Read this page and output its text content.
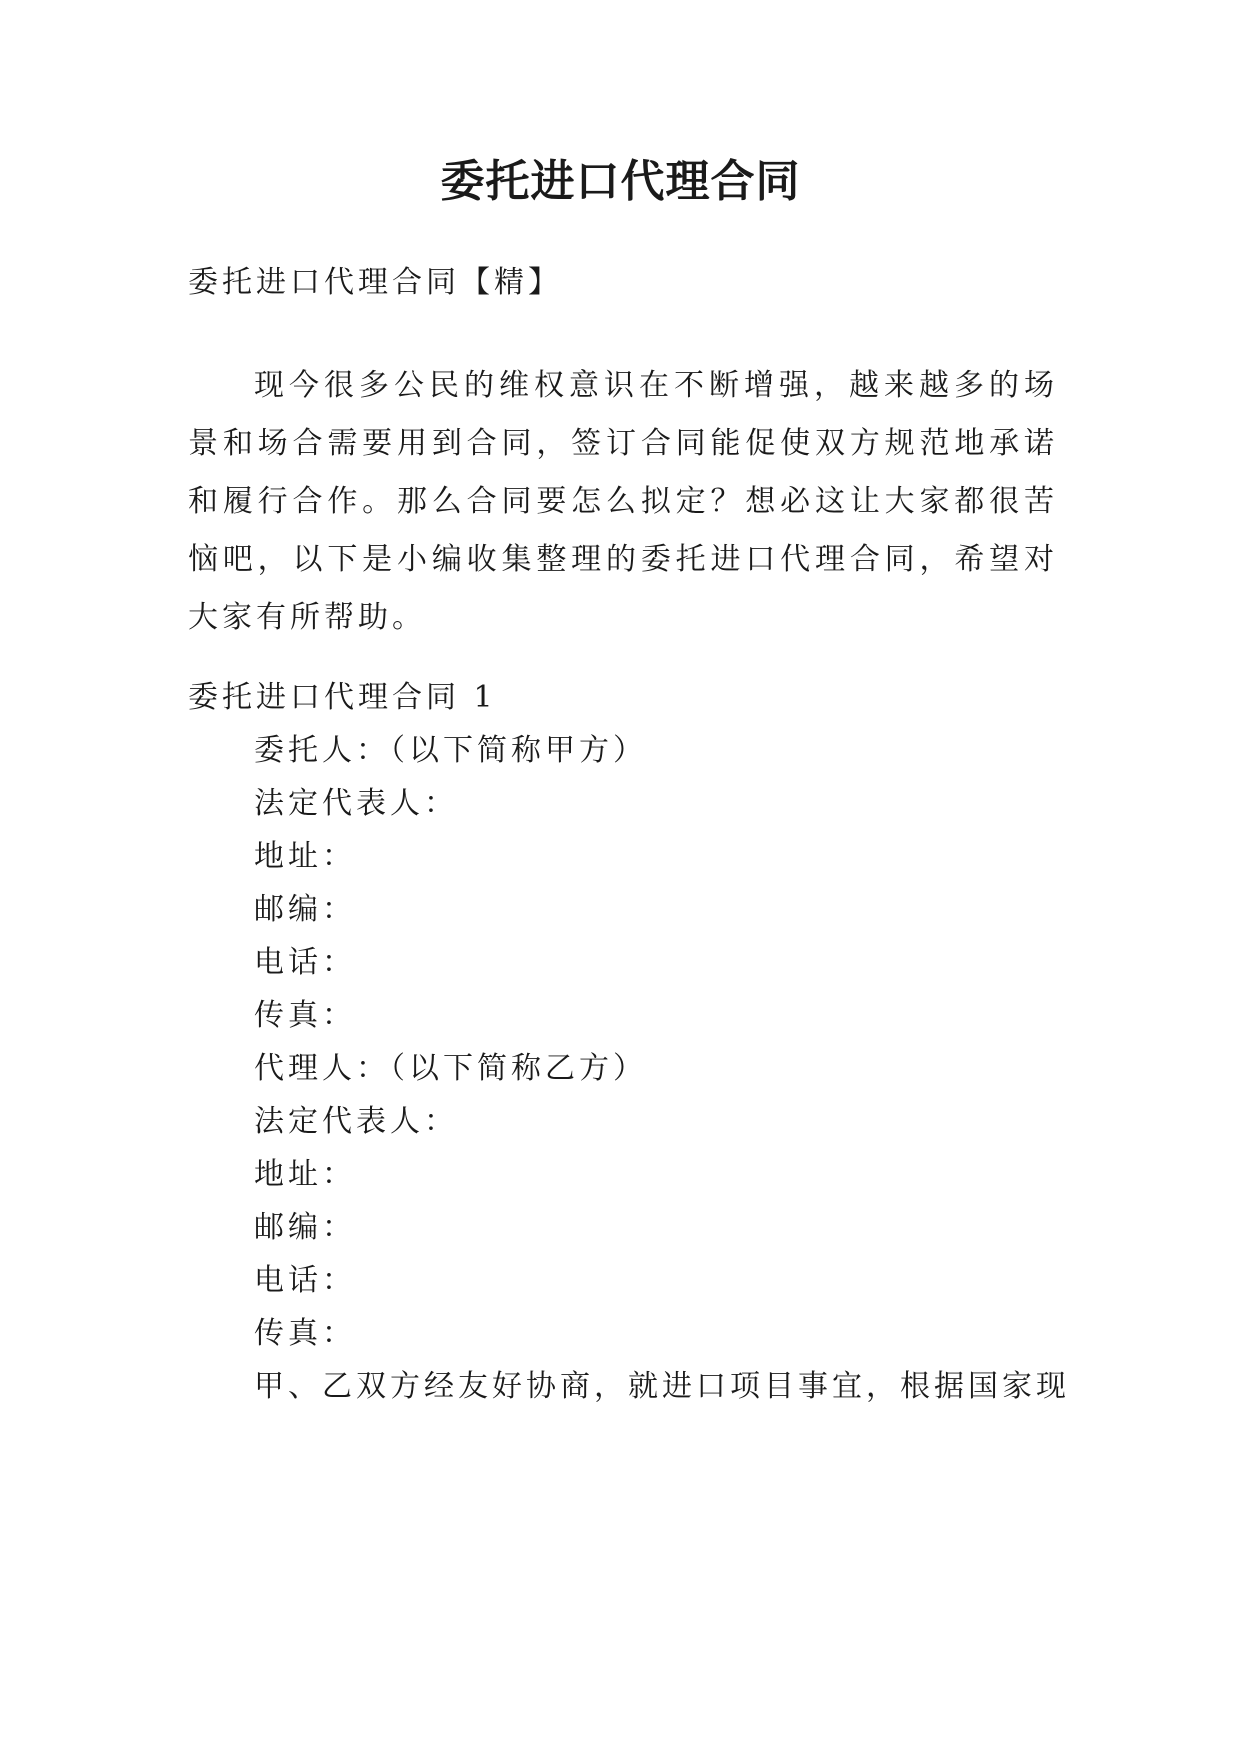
委托进口代理合同

委托进口代理合同【精】

现今很多公民的维权意识在不断增强，越来越多的场景和场合需要用到合同，签订合同能促使双方规范地承诺和履行合作。那么合同要怎么拟定？想必这让大家都很苦恼吧，以下是小编收集整理的委托进口代理合同，希望对大家有所帮助。

委托进口代理合同 1

委托人：（以下简称甲方）

法定代表人：

地址：

邮编：

电话：

传真：

代理人：（以下简称乙方）

法定代表人：

地址：

邮编：

电话：

传真：

甲、乙双方经友好协商，就进口项目事宜，根据国家现
